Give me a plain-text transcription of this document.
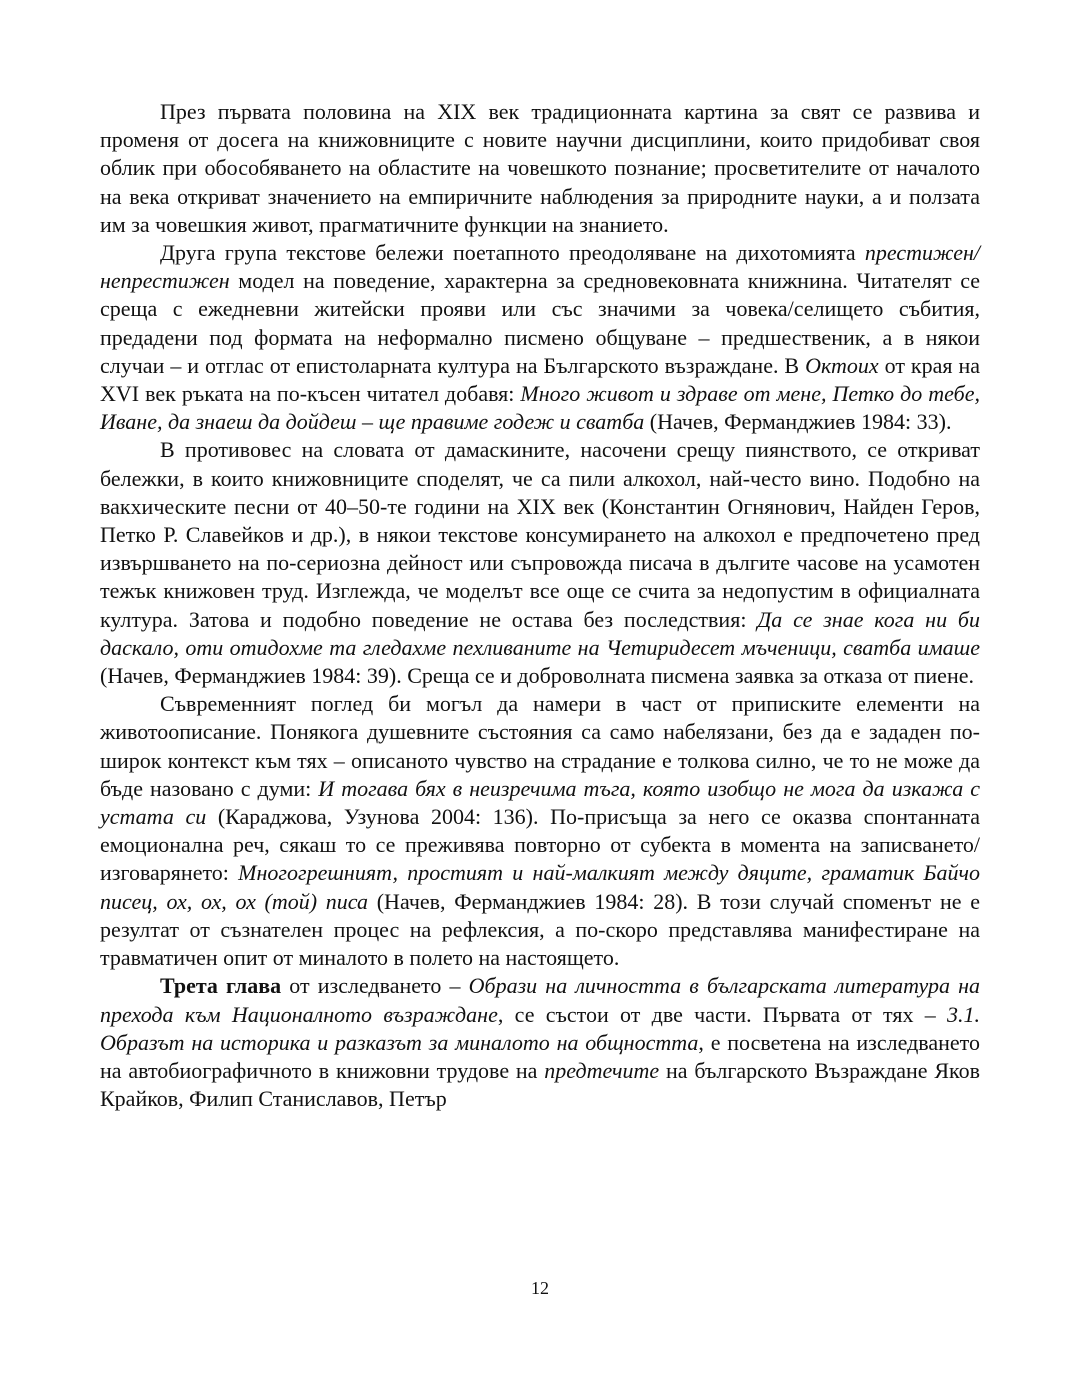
През първата половина на XIX век традиционната картина за свят се развива и променя от досега на книжовниците с новите научни дисциплини, които придобиват своя облик при обособяването на областите на човешкото познание; просветителите от началото на века откриват значението на емпиричните наблюдения за природните науки, а и ползата им за човешкия живот, прагматичните функции на знанието.

Друга група текстове бележи поетапното преодоляване на дихотомията престижен/непрестижен модел на поведение, характерна за средновековната книжнина. Читателят се среща с ежедневни житейски прояви или със значими за човека/селището събития, предадени под формата на неформално писмено общуване – предшественик, а в някои случаи – и отглас от епистоларната култура на Българското възраждане. В Октоих от края на XVI век ръката на по-късен читател добавя: Много живот и здраве от мене, Петко до тебе, Иване, да знаеш да дойдеш – ще правиме годеж и сватба (Начев, Ферманджиев 1984: 33).

В противовес на словата от дамаскините, насочени срещу пиянството, се откриват бележки, в които книжовниците споделят, че са пили алкохол, най-често вино. Подобно на вакхическите песни от 40–50-те години на XIX век (Константин Огнянович, Найден Геров, Петко Р. Славейков и др.), в някои текстове консумирането на алкохол е предпочетено пред извършването на по-сериозна дейност или съпровожда писача в дългите часове на усамотен тежък книжовен труд. Изглежда, че моделът все още се счита за недопустим в официалната култура. Затова и подобно поведение не остава без последствия: Да се знае кога ни би даскало, оти отидохме та гледахме пехливаните на Четиридесет мъченици, сватба имаше (Начев, Ферманджиев 1984: 39). Среща се и доброволната писмена заявка за отказа от пиене.

Съвременният поглед би могъл да намери в част от приписките елементи на животоописание. Понякога душевните състояния са само набелязани, без да е зададен по-широк контекст към тях – описаното чувство на страдание е толкова силно, че то не може да бъде назовано с думи: И тогава бях в неизречима тъга, която изобщо не мога да изкажа с устата си (Караджова, Узунова 2004: 136). По-присъща за него се оказва спонтанната емоционална реч, сякаш то се преживява повторно от субекта в момента на записването/изговарянето: Многогрешният, простият и най-малкият между дяците, граматик Байчо писец, ох, ох, ох (той) писа (Начев, Ферманджиев 1984: 28). В този случай споменът не е резултат от съзнателен процес на рефлексия, а по-скоро представлява манифестиране на травматичен опит от миналото в полето на настоящето.

Трета глава от изследването – Образи на личността в българската литература на прехода към Националното възраждане, се състои от две части. Първата от тях – 3.1. Образът на историка и разказът за миналото на общността, е посветена на изследването на автобиографичното в книжовни трудове на предтечите на българското Възраждане Яков Крайков, Филип Станиславов, Петър

12
